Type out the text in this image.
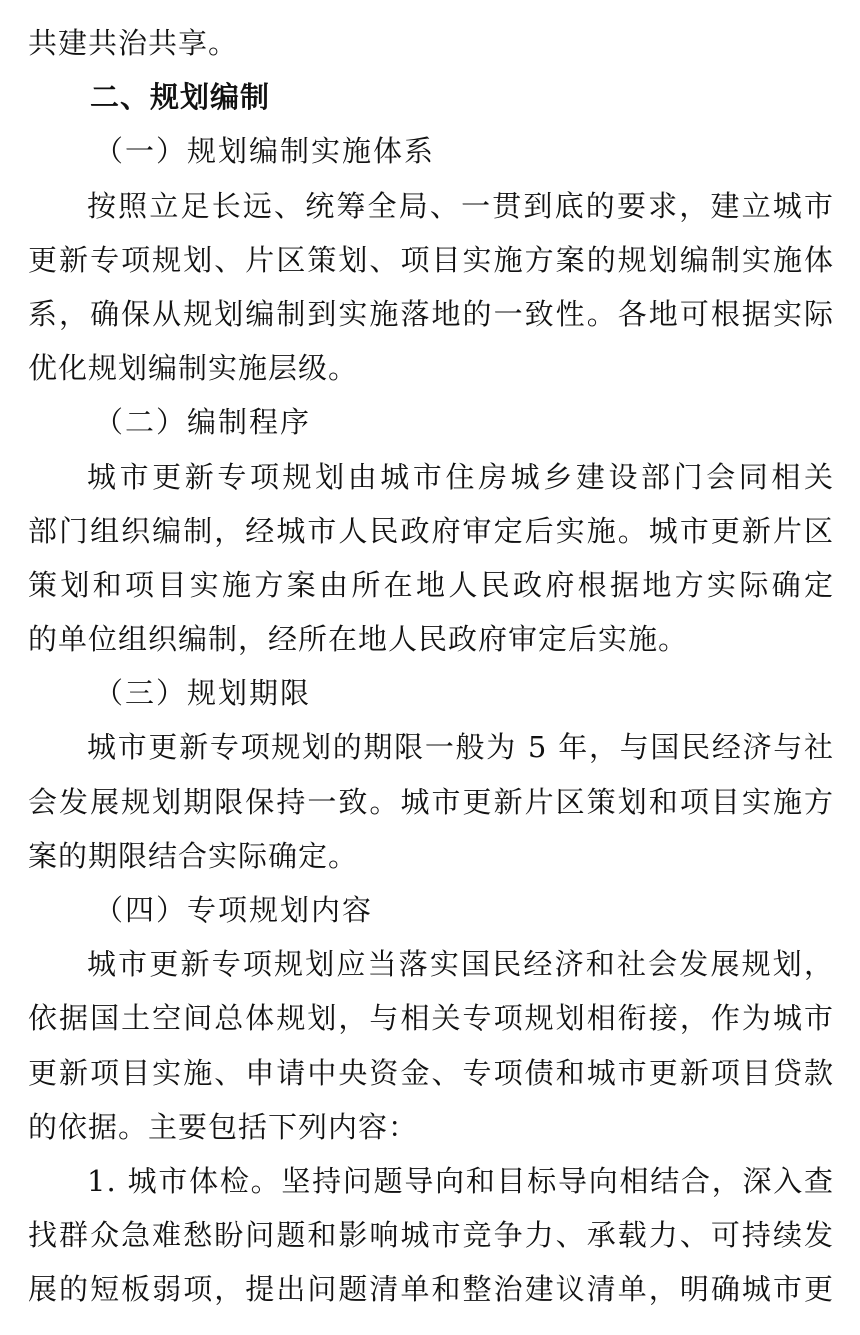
共建共治共享。
二、规划编制
（一）规划编制实施体系
按照立足长远、统筹全局、一贯到底的要求，建立城市
更新专项规划、片区策划、项目实施方案的规划编制实施体
系，确保从规划编制到实施落地的一致性。各地可根据实际
优化规划编制实施层级。
（二）编制程序
城市更新专项规划由城市住房城乡建设部门会同相关
部门组织编制，经城市人民政府审定后实施。城市更新片区
策划和项目实施方案由所在地人民政府根据地方实际确定
的单位组织编制，经所在地人民政府审定后实施。
（三）规划期限
城市更新专项规划的期限一般为 5 年，与国民经济与社
会发展规划期限保持一致。城市更新片区策划和项目实施方
案的期限结合实际确定。
（四）专项规划内容
城市更新专项规划应当落实国民经济和社会发展规划，
依据国土空间总体规划，与相关专项规划相衔接，作为城市
更新项目实施、申请中央资金、专项债和城市更新项目贷款
的依据。主要包括下列内容：
1. 城市体检。坚持问题导向和目标导向相结合，深入查
找群众急难愁盼问题和影响城市竞争力、承载力、可持续发
展的短板弱项，提出问题清单和整治建议清单，明确城市更
